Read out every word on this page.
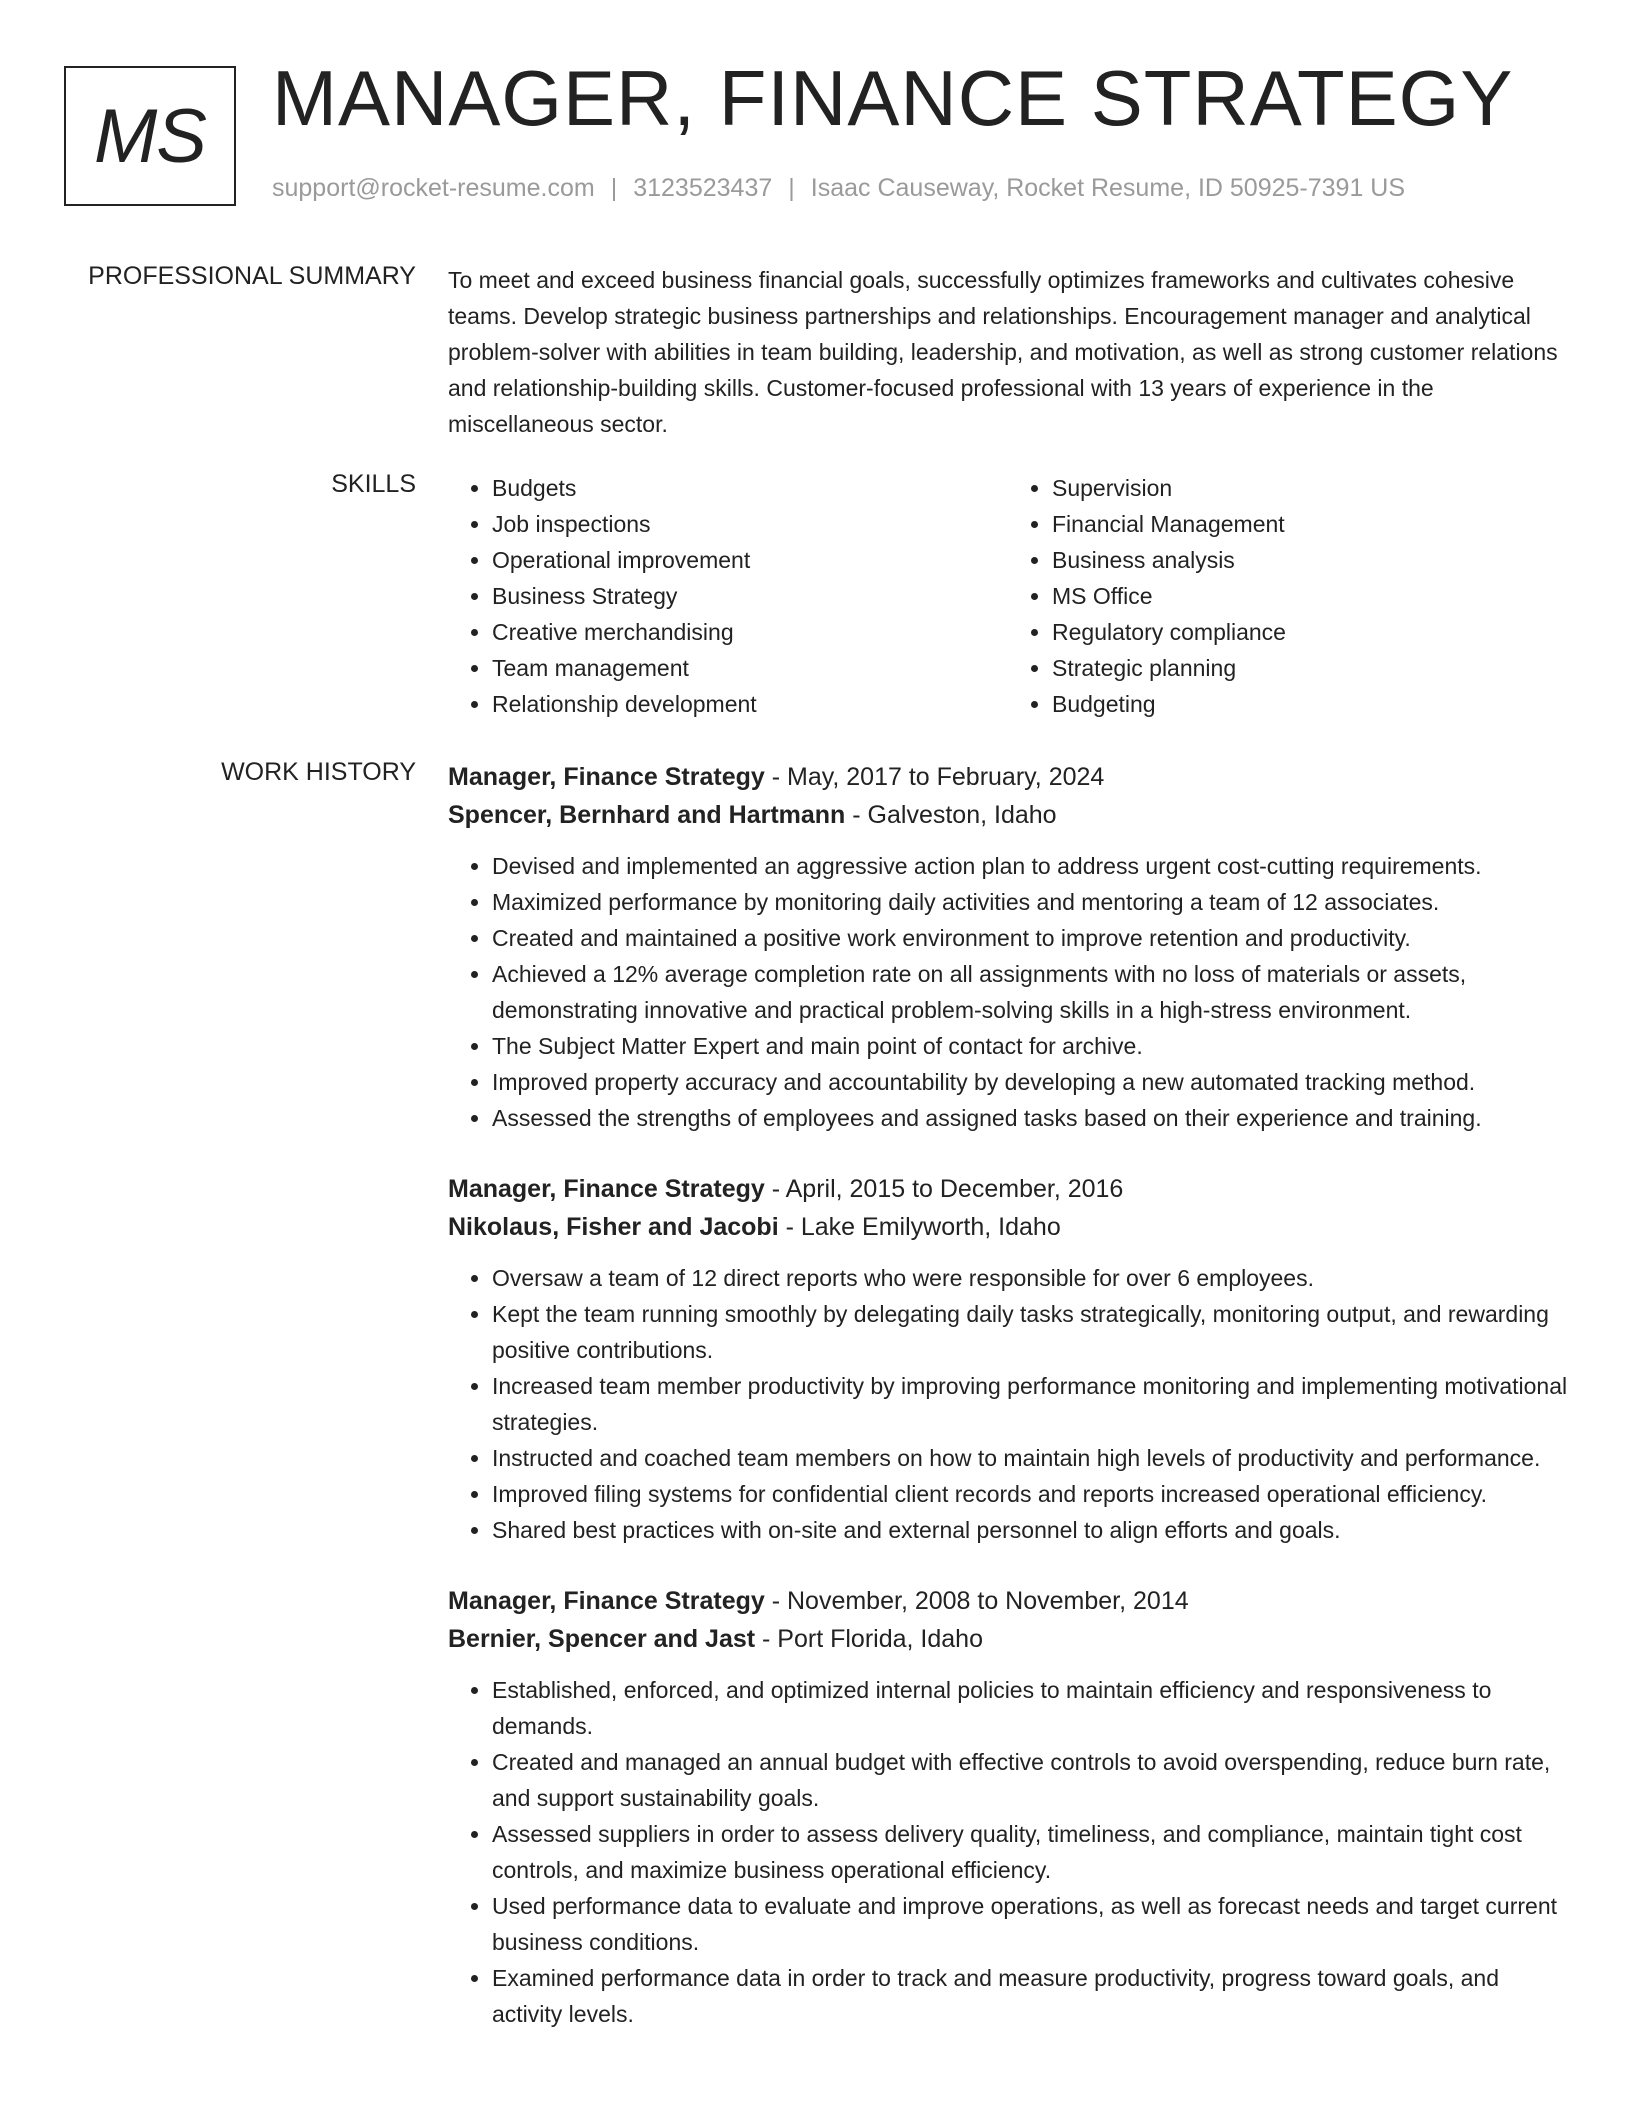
MS MANAGER, FINANCE STRATEGY
support@rocket-resume.com | 3123523437 | Isaac Causeway, Rocket Resume, ID 50925-7391 US
PROFESSIONAL SUMMARY To meet and exceed business financial goals, successfully optimizes frameworks and cultivates cohesive teams. Develop strategic business partnerships and relationships. Encouragement manager and analytical problem-solver with abilities in team building, leadership, and motivation, as well as strong customer relations and relationship-building skills. Customer-focused professional with 13 years of experience in the miscellaneous sector.

SKILLS
•	Budgets
• Job inspections
• Operational improvement
• Business Strategy
• Creative merchandising
• Team management
• Relationship development
• Supervision
• Financial Management
• Business analysis
• MS Office
• Regulatory compliance
• Strategic planning
• Budgeting
WORK HISTORY Manager, Finance Strategy - May, 2017 to February, 2024
Spencer, Bernhard and Hartmann - Galveston, Idaho
• Devised and implemented an aggressive action plan to address urgent cost-cutting requirements.
• Maximized performance by monitoring daily activities and mentoring a team of 12 associates.
• Created and maintained a positive work environment to improve retention and productivity.
• Achieved a 12% average completion rate on all assignments with no loss of materials or assets, demonstrating innovative and practical problem-solving skills in a high-stress environment.
• The Subject Matter Expert and main point of contact for archive.
• Improved property accuracy and accountability by developing a new automated tracking method.
• Assessed the strengths of employees and assigned tasks based on their experience and training.
Manager, Finance Strategy - April, 2015 to December, 2016
Nikolaus, Fisher and Jacobi - Lake Emilyworth, Idaho
• Oversaw a team of 12 direct reports who were responsible for over 6 employees.
• Kept the team running smoothly by delegating daily tasks strategically, monitoring output, and rewarding positive contributions.
• Increased team member productivity by improving performance monitoring and implementing motivational strategies.
• Instructed and coached team members on how to maintain high levels of productivity and performance.
• Improved filing systems for confidential client records and reports increased operational efficiency.
• Shared best practices with on-site and external personnel to align efforts and goals.
Manager, Finance Strategy - November, 2008 to November, 2014
Bernier, Spencer and Jast - Port Florida, Idaho
• Established, enforced, and optimized internal policies to maintain efficiency and responsiveness to demands.
• Created and managed an annual budget with effective controls to avoid overspending, reduce burn rate, and support sustainability goals.
• Assessed suppliers in order to assess delivery quality, timeliness, and compliance, maintain tight cost controls, and maximize business operational efficiency.
• Used performance data to evaluate and improve operations, as well as forecast needs and target current business conditions.
• Examined performance data in order to track and measure productivity, progress toward goals, and activity levels.
